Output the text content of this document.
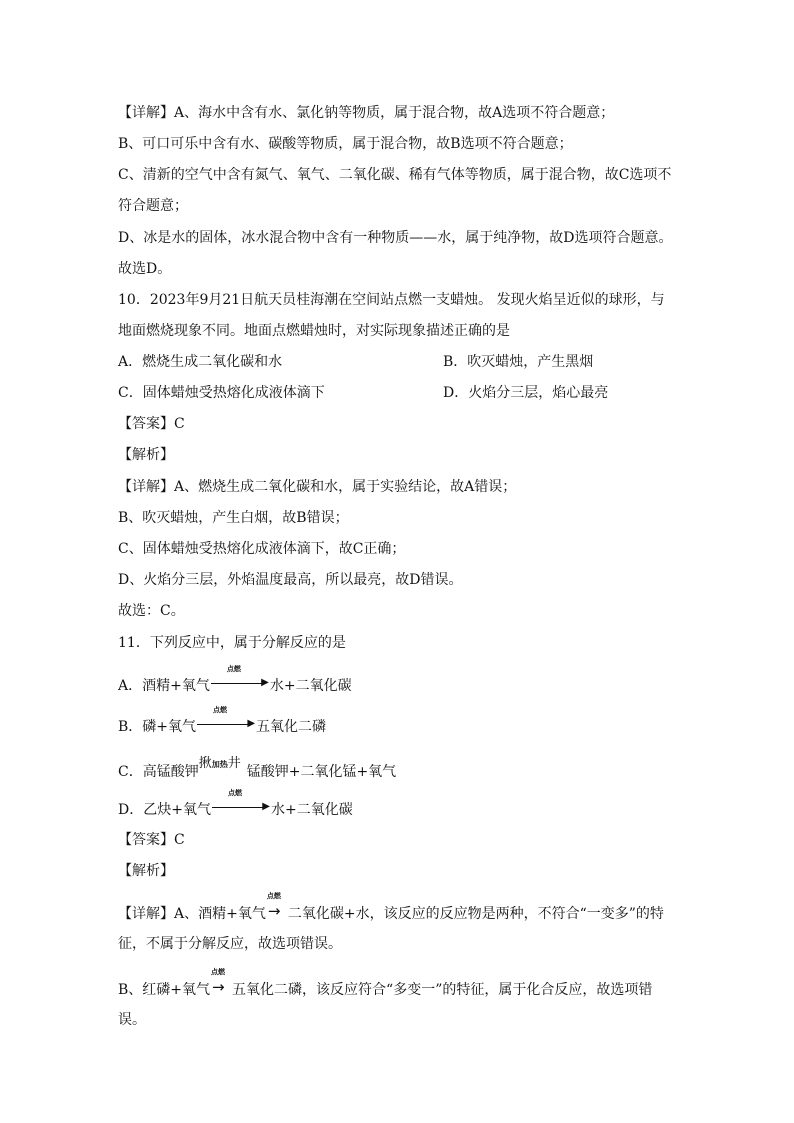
【详解】A、海水中含有水、氯化钠等物质，属于混合物，故A选项不符合题意；
B、可口可乐中含有水、碳酸等物质，属于混合物，故B选项不符合题意；
C、清新的空气中含有氮气、氧气、二氧化碳、稀有气体等物质，属于混合物，故C选项不
符合题意；
D、冰是水的固体，冰水混合物中含有一种物质——水，属于纯净物，故D选项符合题意。
故选D。
10．2023年9月21日航天员桂海潮在空间站点燃一支蜡烛。 发现火焰呈近似的球形，与
地面燃烧现象不同。地面点燃蜡烛时，对实际现象描述正确的是
A．燃烧生成二氧化碳和水	B．吹灭蜡烛，产生黑烟
C．固体蜡烛受热熔化成液体滴下	D．火焰分三层，焰心最亮
【答案】C
【解析】
【详解】A、燃烧生成二氧化碳和水，属于实验结论，故A错误；
B、吹灭蜡烛，产生白烟，故B错误；
C、固体蜡烛受热熔化成液体滴下，故C正确；
D、火焰分三层，外焰温度最高，所以最亮，故D错误。
故选：C。
11．下列反应中，属于分解反应的是
A．酒精+氧气
点燃
▶ 水+二氧化碳
B．磷+氧气
点燃
▶ 五氧化二磷
C．高锰酸钾
揪加热井
锰酸钾+二氧化锰+氧气
D．乙炔+氧气
点燃
▶ 水+二氧化碳
【答案】C
【解析】
【详解】A、酒精+氧气
点燃
→ 二氧化碳+水，该反应的反应物是两种，不符合“一变多”的特
征，不属于分解反应，故选项错误。
B、红磷+氧气
点燃
→ 五氧化二磷，该反应符合“多变一”的特征，属于化合反应，故选项错
误。
